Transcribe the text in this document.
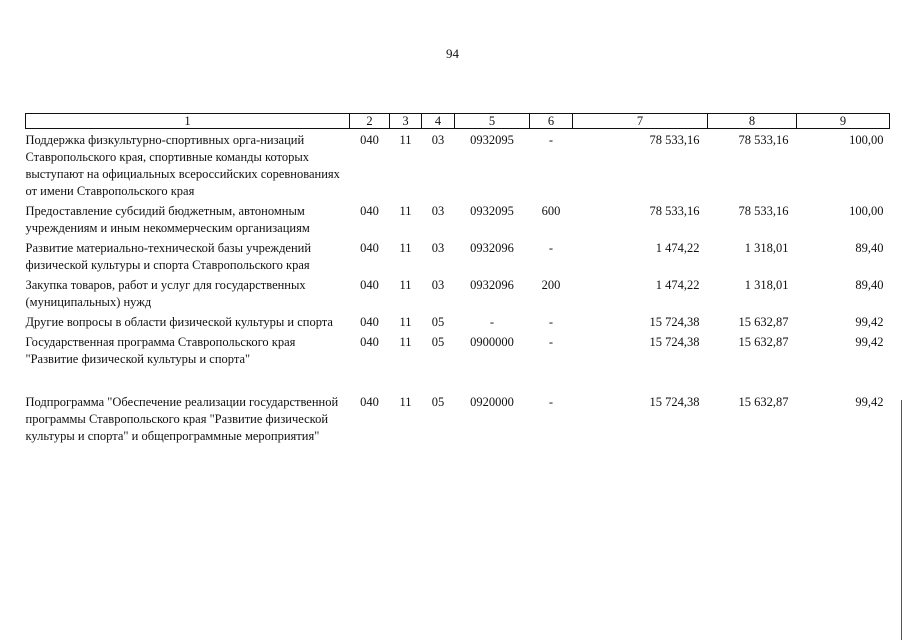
94
1	2	3	4	5	6	7	8	9
Поддержка физкультурно-спортивных орга-низаций Ставропольского края, спортивные команды которых выступают на официальных всероссийских соревнованиях от имени Ставропольского края	040	11	03	0932095	-	78 533,16	78 533,16	100,00
Предоставление субсидий бюджетным, автономным учреждениям и иным некоммерческим организациям	040	11	03	0932095	600	78 533,16	78 533,16	100,00
Развитие материально-технической базы учреждений физической культуры и спорта Ставропольского края	040	11	03	0932096	-	1 474,22	1 318,01	89,40
Закупка товаров, работ и услуг для государственных (муниципальных) нужд	040	11	03	0932096	200	1 474,22	1 318,01	89,40
Другие вопросы в области физической культуры и спорта	040	11	05	-	-	15 724,38	15 632,87	99,42
Государственная программа Ставропольского края "Развитие физической культуры и спорта"	040	11	05	0900000	-	15 724,38	15 632,87	99,42

Подпрограмма "Обеспечение реализации государственной программы Ставропольского края "Развитие физической культуры и спорта" и общепрограммные мероприятия"	040	11	05	0920000	-	15 724,38	15 632,87	99,42
